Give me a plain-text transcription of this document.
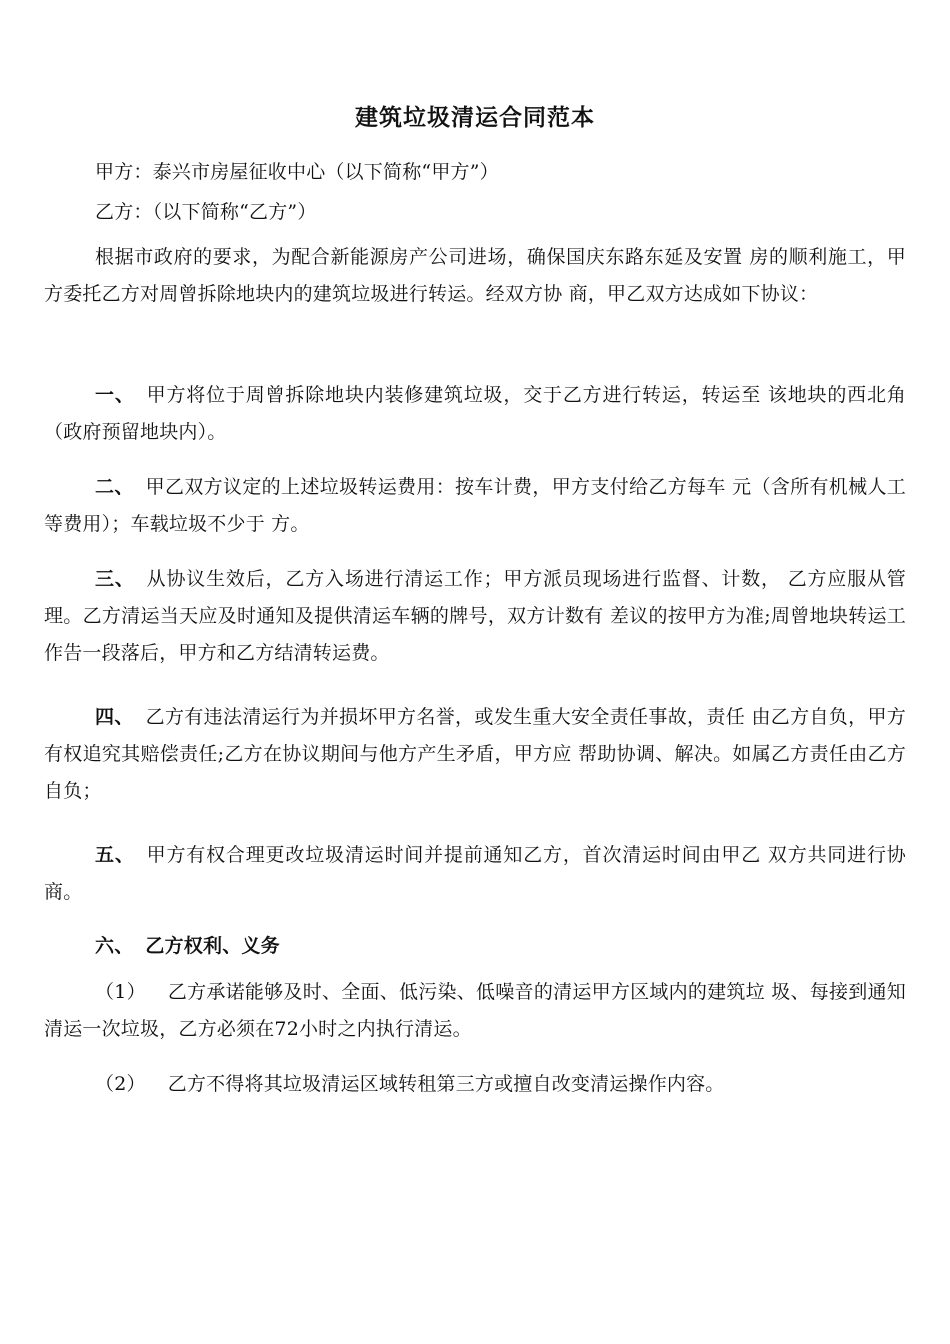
建筑垃圾清运合同范本
甲方：泰兴市房屋征收中心（以下简称“甲方”）
乙方：（以下简称“乙方”）
根据市政府的要求，为配合新能源房产公司进场，确保国庆东路东延及安置 房的顺利施工，甲方委托乙方对周曾拆除地块内的建筑垃圾进行转运。经双方协 商，甲乙双方达成如下协议：
一、 甲方将位于周曾拆除地块内装修建筑垃圾，交于乙方进行转运，转运至 该地块的西北角（政府预留地块内）。
二、 甲乙双方议定的上述垃圾转运费用：按车计费，甲方支付给乙方每车 元（含所有机械人工等费用）；车载垃圾不少于 方。
三、 从协议生效后，乙方入场进行清运工作；甲方派员现场进行监督、计数， 乙方应服从管理。乙方清运当天应及时通知及提供清运车辆的牌号，双方计数有 差议的按甲方为准;周曾地块转运工作告一段落后，甲方和乙方结清转运费。
四、 乙方有违法清运行为并损坏甲方名誉，或发生重大安全责任事故，责任 由乙方自负，甲方有权追究其赔偿责任;乙方在协议期间与他方产生矛盾，甲方应 帮助协调、解决。如属乙方责任由乙方自负；
五、 甲方有权合理更改垃圾清运时间并提前通知乙方，首次清运时间由甲乙 双方共同进行协商。
六、 乙方权利、义务
（1） 乙方承诺能够及时、全面、低污染、低噪音的清运甲方区域内的建筑垃 圾、每接到通知清运一次垃圾，乙方必须在72小时之内执行清运。
（2） 乙方不得将其垃圾清运区域转租第三方或擅自改变清运操作内容。
